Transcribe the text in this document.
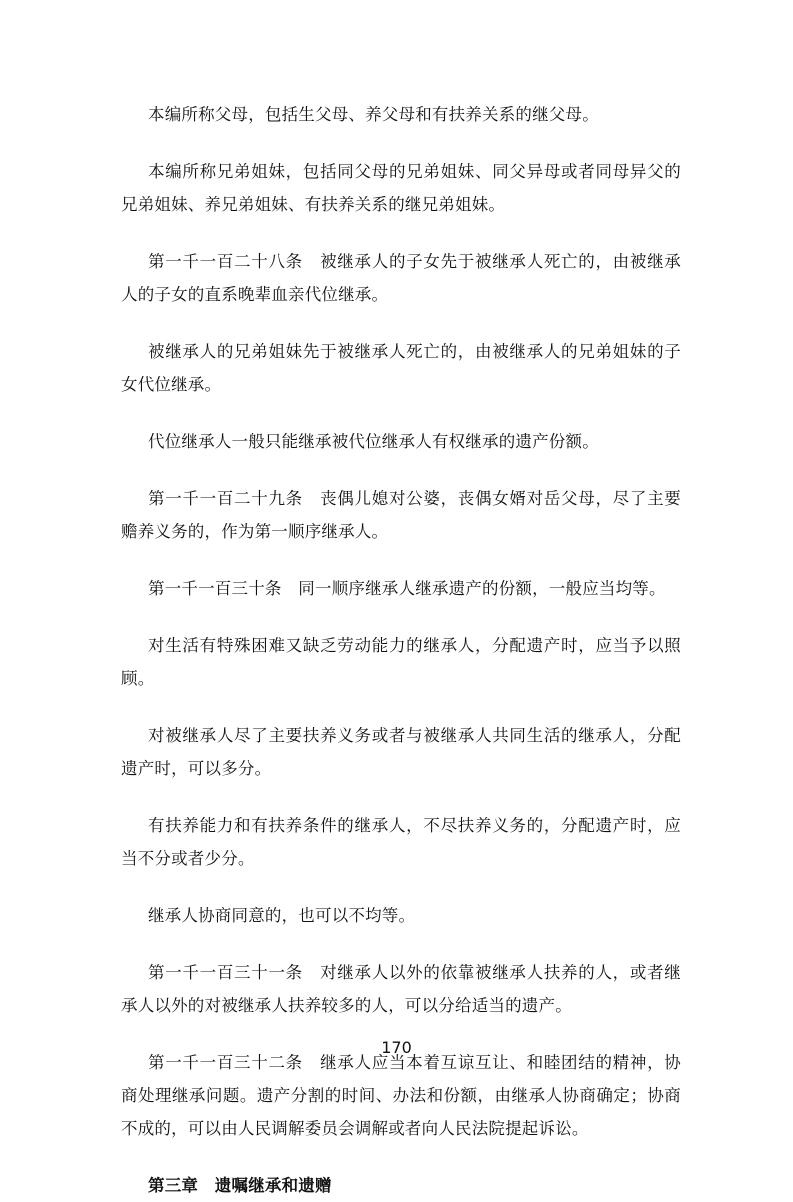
本编所称父母，包括生父母、养父母和有扶养关系的继父母。

本编所称兄弟姐妹，包括同父母的兄弟姐妹、同父异母或者同母异父的兄弟姐妹、养兄弟姐妹、有扶养关系的继兄弟姐妹。

第一千一百二十八条　被继承人的子女先于被继承人死亡的，由被继承人的子女的直系晚辈血亲代位继承。

被继承人的兄弟姐妹先于被继承人死亡的，由被继承人的兄弟姐妹的子女代位继承。

代位继承人一般只能继承被代位继承人有权继承的遗产份额。

第一千一百二十九条　丧偶儿媳对公婆，丧偶女婿对岳父母，尽了主要赡养义务的，作为第一顺序继承人。

第一千一百三十条　同一顺序继承人继承遗产的份额，一般应当均等。

对生活有特殊困难又缺乏劳动能力的继承人，分配遗产时，应当予以照顾。

对被继承人尽了主要扶养义务或者与被继承人共同生活的继承人，分配遗产时，可以多分。

有扶养能力和有扶养条件的继承人，不尽扶养义务的，分配遗产时，应当不分或者少分。

继承人协商同意的，也可以不均等。

第一千一百三十一条　对继承人以外的依靠被继承人扶养的人，或者继承人以外的对被继承人扶养较多的人，可以分给适当的遗产。

第一千一百三十二条　继承人应当本着互谅互让、和睦团结的精神，协商处理继承问题。遗产分割的时间、办法和份额，由继承人协商确定；协商不成的，可以由人民调解委员会调解或者向人民法院提起诉讼。

第三章　遗嘱继承和遗赠

170
